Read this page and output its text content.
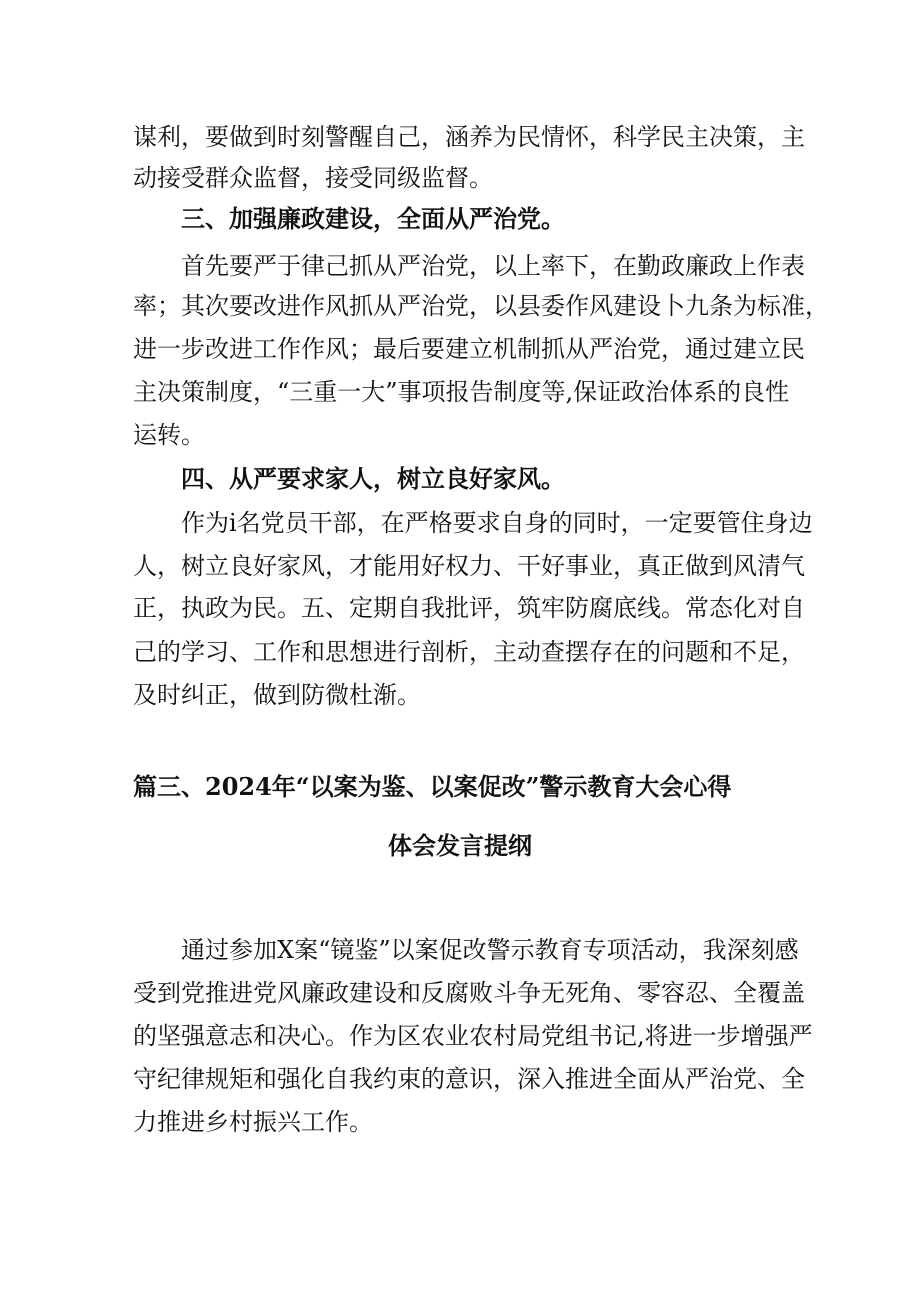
谋利，要做到时刻警醒自己，涵养为民情怀，科学民主决策，主
动接受群众监督，接受同级监督。
三、加强廉政建设，全面从严治党。
首先要严于律己抓从严治党，以上率下，在勤政廉政上作表
率；其次要改进作风抓从严治党，以县委作风建设卜九条为标准，
进一步改进工作作风；最后要建立机制抓从严治党，通过建立民
主决策制度，“三重一大”事项报告制度等,保证政治体系的良性
运转。
四、从严要求家人，树立良好家风。
作为i名党员干部，在严格要求自身的同时，一定要管住身边
人，树立良好家风，才能用好权力、干好事业，真正做到风清气
正，执政为民。五、定期自我批评，筑牢防腐底线。常态化对自
己的学习、工作和思想进行剖析，主动查摆存在的问题和不足，
及时纠正，做到防微杜渐。
篇三、2024年“以案为鉴、以案促改”警示教育大会心得
体会发言提纲
通过参加X案“镜鉴”以案促改警示教育专项活动，我深刻感
受到党推进党风廉政建设和反腐败斗争无死角、零容忍、全覆盖
的坚强意志和决心。作为区农业农村局党组书记,将进一步增强严
守纪律规矩和强化自我约束的意识，深入推进全面从严治党、全
力推进乡村振兴工作。
